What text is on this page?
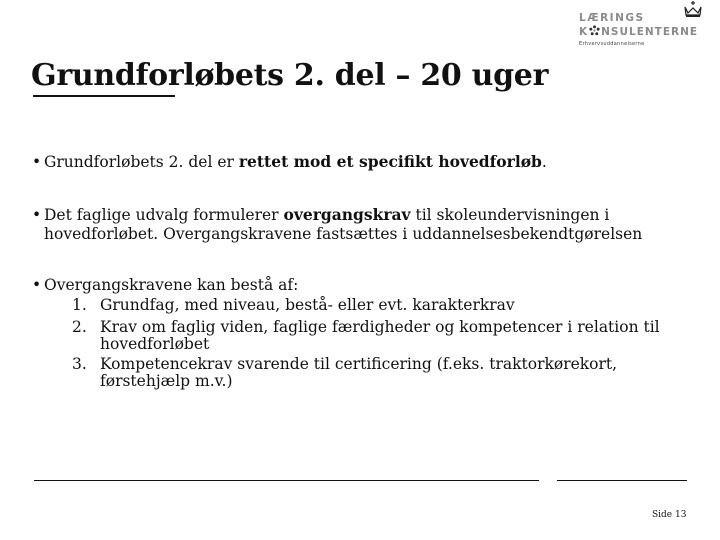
LÆRINGS
K NSULENTERNE
Erhvervsuddannelserne
Grundforløbets 2. del – 20 uger
• Grundforløbets 2. del er rettet mod et specifikt hovedforløb.
• Det faglige udvalg formulerer overgangskrav til skoleundervisningen i
hovedforløbet. Overgangskravene fastsættes i uddannelsesbekendtgørelsen
• Overgangskravene kan bestå af:
1. Grundfag, med niveau, bestå- eller evt. karakterkrav
2. Krav om faglig viden, faglige færdigheder og kompetencer i relation til
hovedforløbet
3. Kompetencekrav svarende til certificering (f.eks. traktorkørekort,
førstehjælp m.v.)
Side 13
